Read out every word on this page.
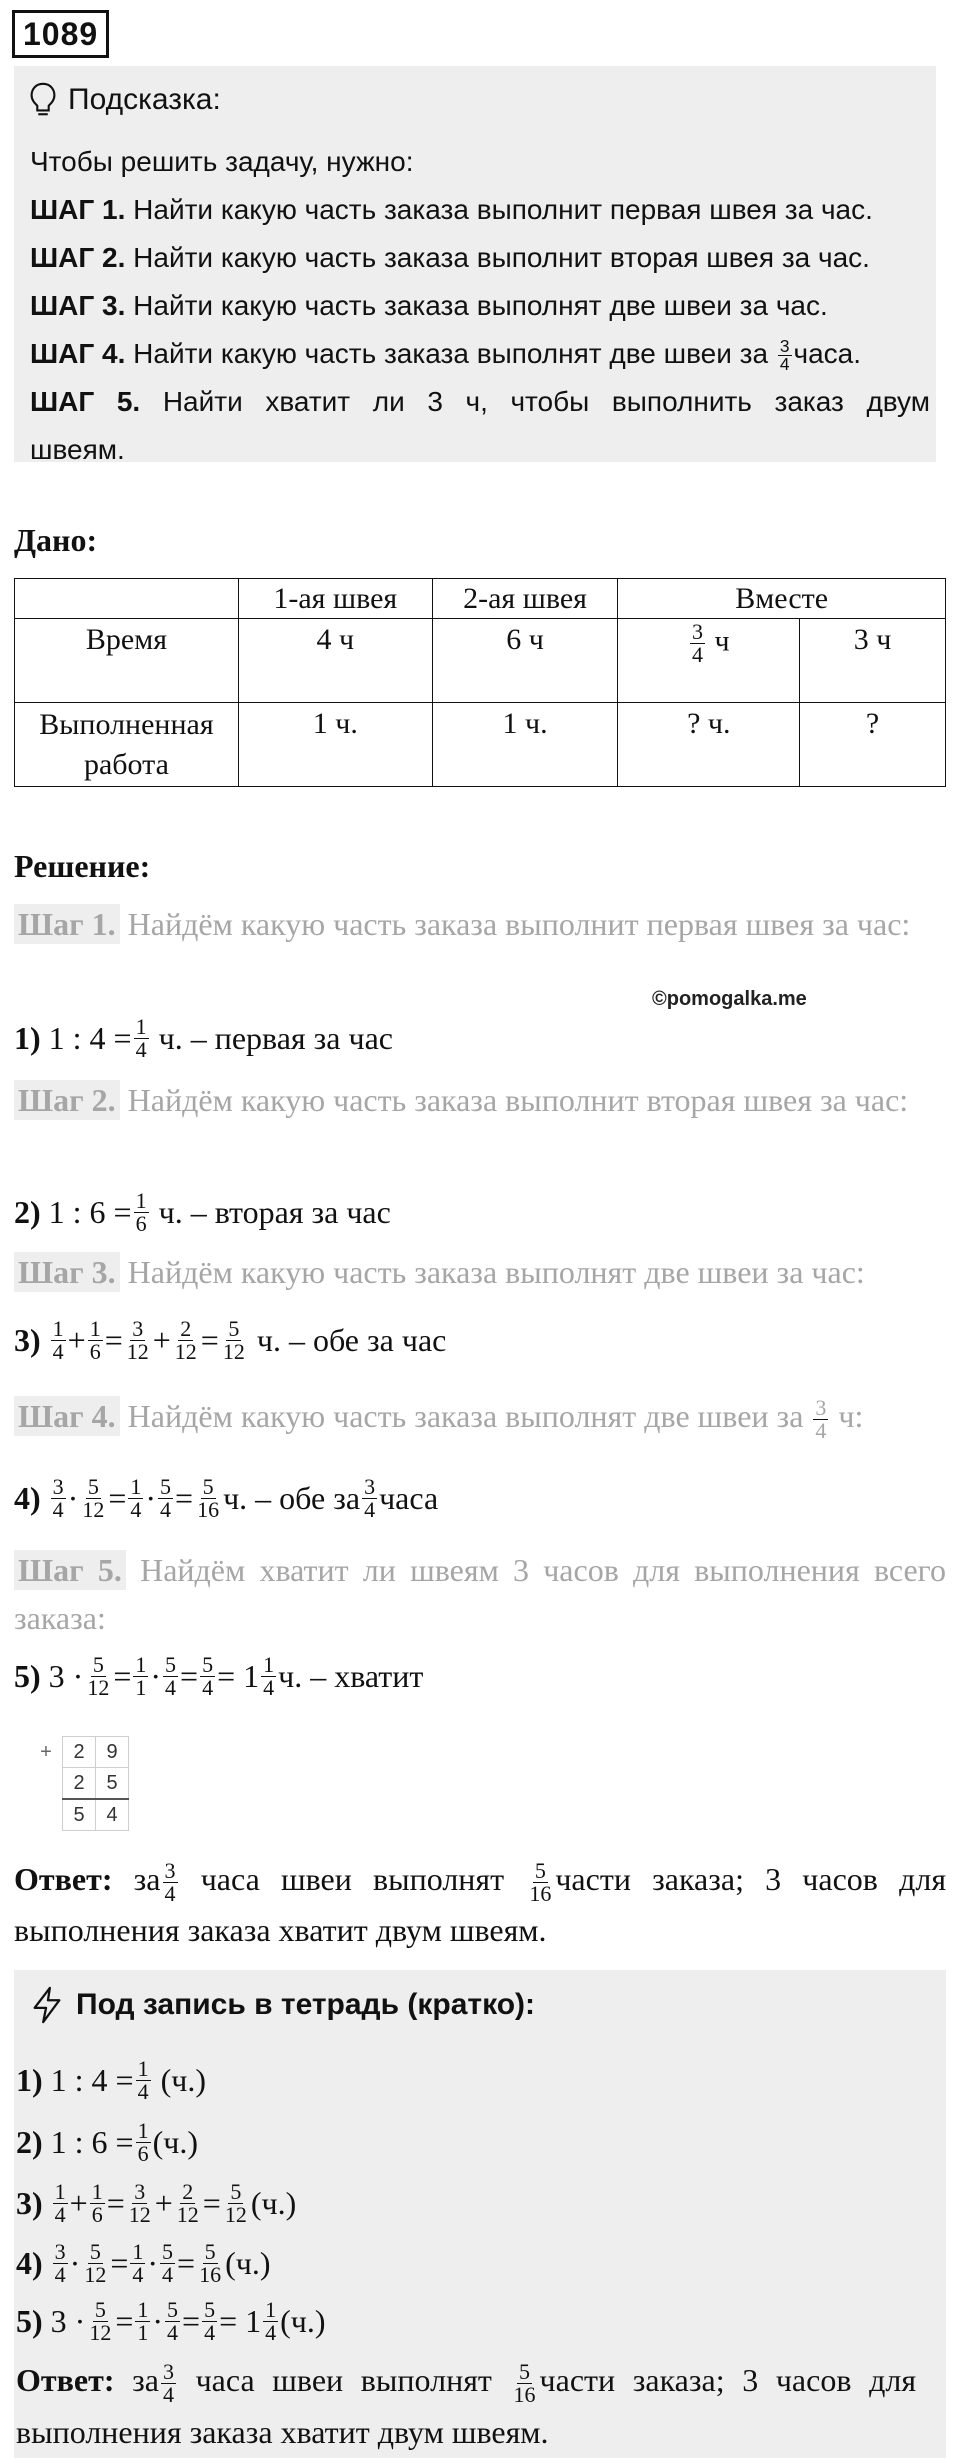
1089
Подсказка:
Чтобы решить задачу, нужно:
ШАГ 1. Найти какую часть заказа выполнит первая швея за час.
ШАГ 2. Найти какую часть заказа выполнит вторая швея за час.
ШАГ 3. Найти какую часть заказа выполнят две швеи за час.
ШАГ 4. Найти какую часть заказа выполнят две швеи за $\frac{3}{4}$ часа.
ШАГ 5. Найти хватит ли 3 ч, чтобы выполнить заказ двум
швеям.
Дано:
	1-ая швея	2-ая швея	Вместе	
Время	4 ч	6 ч	$\frac{3}{4}$ ч	3 ч
Выполненная работа	1 ч.	1 ч.	? ч.	?
Решение:
Шаг 1. Найдём какую часть заказа выполнит первая швея за час:
©pomogalka.me
1) 1 : $4 = \frac{1}{4} ч$. – первая за час
Шаг 2. Найдём какую часть заказа выполнит вторая швея за час:
2) 1 : $6 = \frac{1}{6} ч$. – вторая за час
Шаг 3. Найдём какую часть заказа выполнят две швеи за час:
$3) \frac{1}{4} + \frac{1}{6} = \frac{3}{12} + \frac{2}{12} = \frac{5}{12} ч$. – обе за час
Шаг 4. Найдём какую часть заказа выполнят две швеи за $\frac{3}{4} ч$:
$4) \frac{3}{4} \cdot \frac{5}{12} = \frac{1}{4} \cdot \frac{5}{4} = \frac{5}{16} ч$. – обе за $\frac{3}{4}$ часа
Шаг 5. Найдём хватит ли швеям 3 часов для выполнения всего заказа:
5) $3 \cdot \frac{5}{12} = \frac{1}{1} \cdot \frac{5}{4} = \frac{5}{4} = 1 \frac{1}{4} ч$. – хватит
+	2	9
	2	5
	5	4
Ответ: за $\frac{3}{4}$ часа швеи выполнят $\frac{5}{16}$ части заказа; 3 часов для выполнения заказа хватит двум швеям.
Под запись в тетрадь (кратко):
1) 1 : $4 = \frac{1}{4} (ч.)$
2) 1 : $6 = \frac{1}{6} (ч.)$
$3) \frac{1}{4} + \frac{1}{6} = \frac{3}{12} + \frac{2}{12} = \frac{5}{12} (ч.)$
$4) \frac{3}{4} \cdot \frac{5}{12} = \frac{1}{4} \cdot \frac{5}{4} = \frac{5}{16} (ч.)$
5) $3 \cdot \frac{5}{12} = \frac{1}{1} \cdot \frac{5}{4} = \frac{5}{4} = 1 \frac{1}{4} (ч.)$
Ответ: за $\frac{3}{4}$ часа швеи выполнят $\frac{5}{16}$ части заказа; 3 часов для выполнения заказа хватит двум швеям.
